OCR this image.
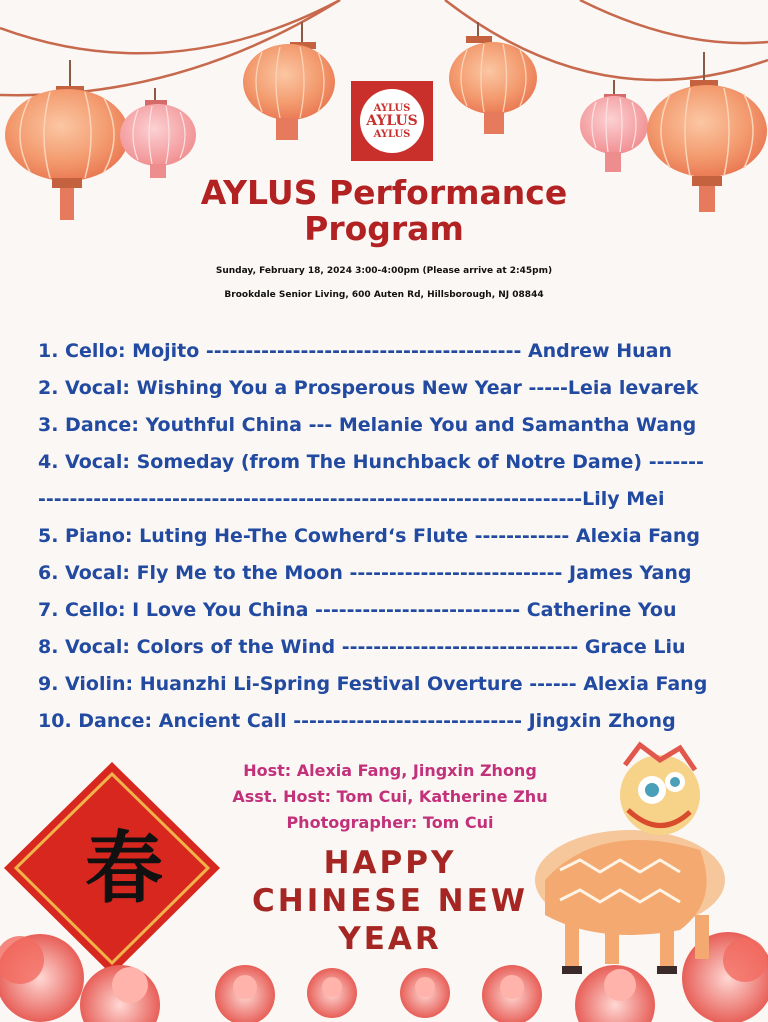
AYLUS
AYLUS
AYLUS
AYLUS Performance
Program
Sunday, February 18, 2024 3:00-4:00pm (Please arrive at 2:45pm)
Brookdale Senior Living, 600 Auten Rd, Hillsborough, NJ 08844
1. Cello: Mojito ---------------------------------------- Andrew Huan
2. Vocal: Wishing You a Prosperous New Year -----Leia levarek
3. Dance: Youthful China --- Melanie You and Samantha Wang
4. Vocal: Someday (from The Hunchback of Notre Dame) -------
---------------------------------------------------------------------Lily Mei
5. Piano: Luting He-The Cowherd‘s Flute ------------ Alexia Fang
6. Vocal: Fly Me to the Moon --------------------------- James Yang
7. Cello: I Love You China -------------------------- Catherine You
8. Vocal: Colors of the Wind ------------------------------ Grace Liu
9. Violin: Huanzhi Li-Spring Festival Overture ------ Alexia Fang
10. Dance: Ancient Call ----------------------------- Jingxin Zhong
Host: Alexia Fang, Jingxin Zhong
Asst. Host: Tom Cui, Katherine Zhu
Photographer: Tom Cui
HAPPY
CHINESE NEW
YEAR
春
